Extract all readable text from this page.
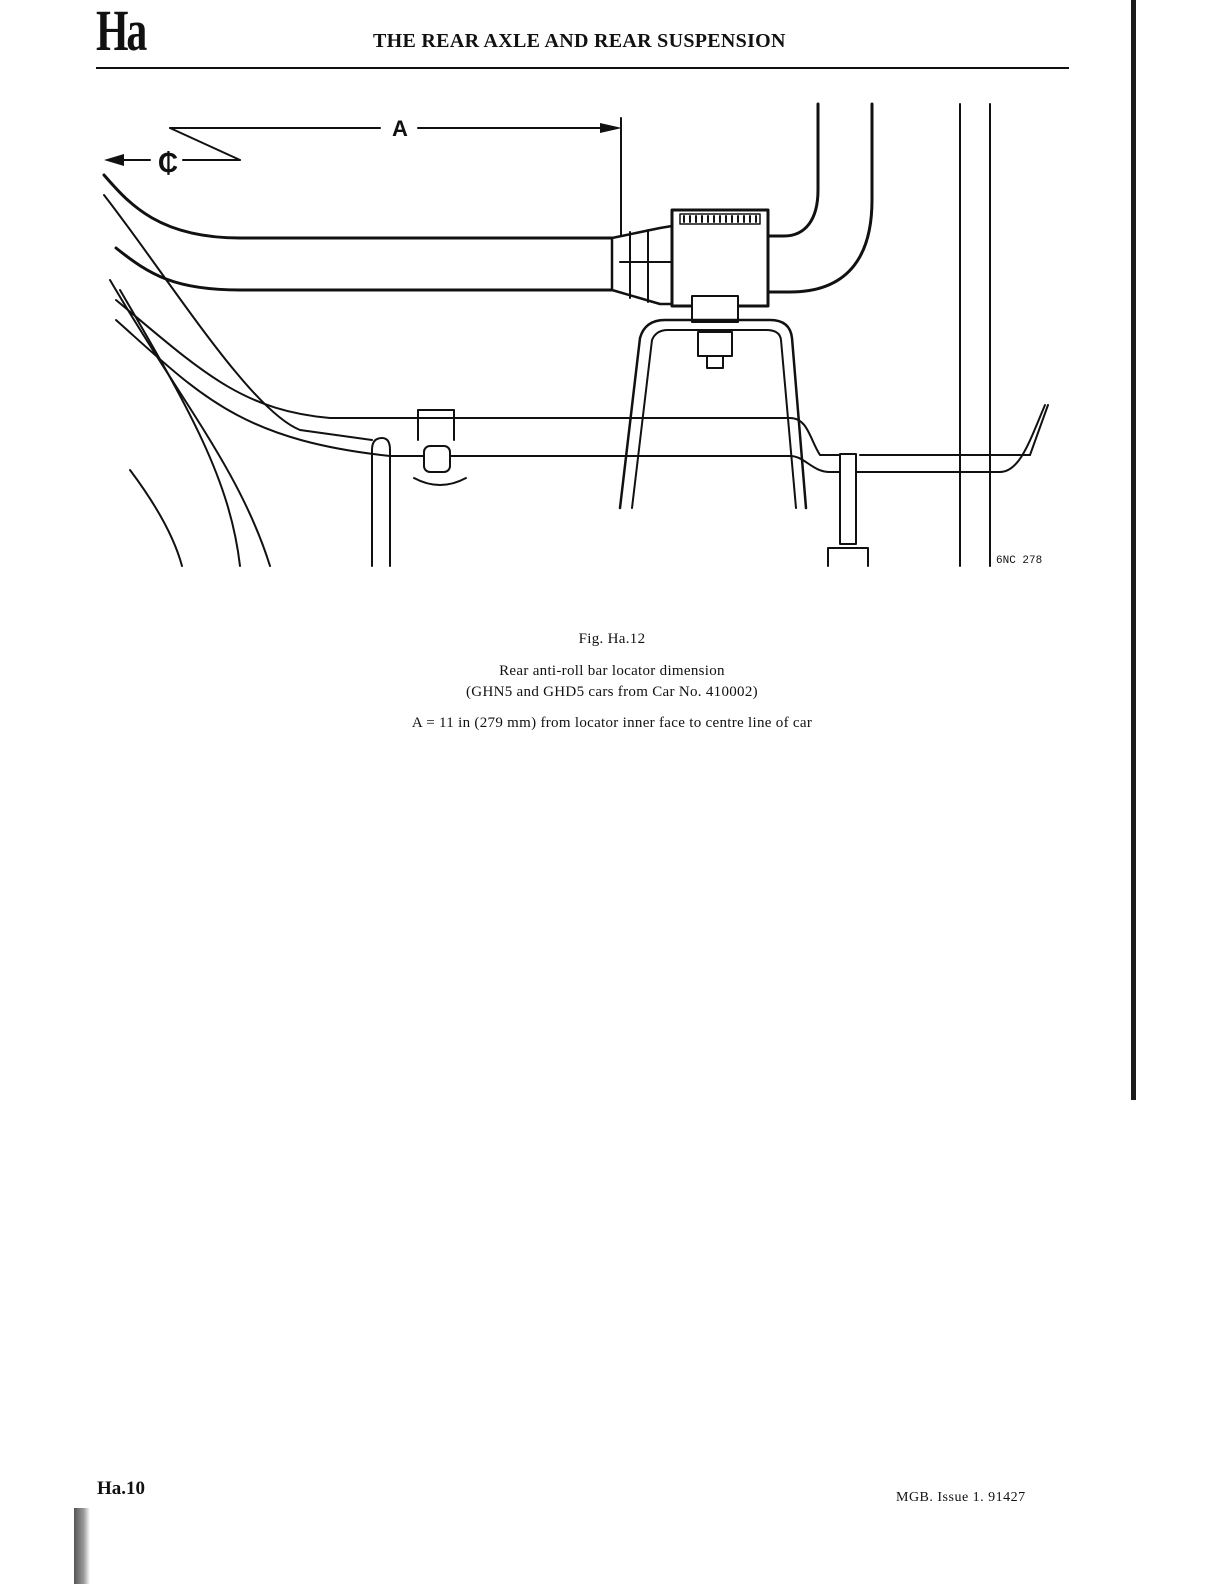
Ha	THE REAR AXLE AND REAR SUSPENSION
A
₵
6NC 278
Fig. Ha.12
Rear anti-roll bar locator dimension
(GHN5 and GHD5 cars from Car No. 410002)
A = 11 in (279 mm) from locator inner face to centre line of car
Ha.10	MGB. Issue 1. 91427
